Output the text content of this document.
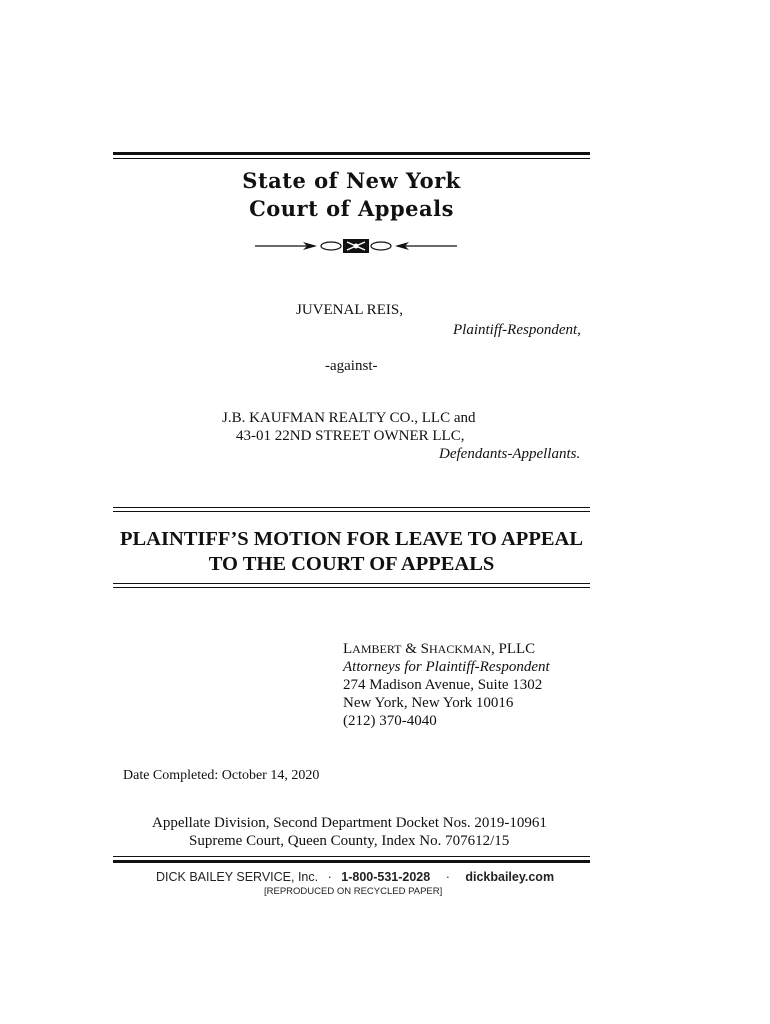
State of New York
Court of Appeals
JUVENAL REIS,
Plaintiff-Respondent,
-against-
J.B. KAUFMAN REALTY CO., LLC and
43-01 22ND STREET OWNER LLC,
Defendants-Appellants.
PLAINTIFF’S MOTION FOR LEAVE TO APPEAL
TO THE COURT OF APPEALS
LAMBERT & SHACKMAN, PLLC
Attorneys for Plaintiff-Respondent
274 Madison Avenue, Suite 1302
New York, New York 10016
(212) 370-4040
Date Completed: October 14, 2020
Appellate Division, Second Department Docket Nos. 2019-10961
Supreme Court, Queen County, Index No. 707612/15
DICK BAILEY SERVICE, Inc. · 1-800-531-2028 · dickbailey.com
[REPRODUCED ON RECYCLED PAPER]
